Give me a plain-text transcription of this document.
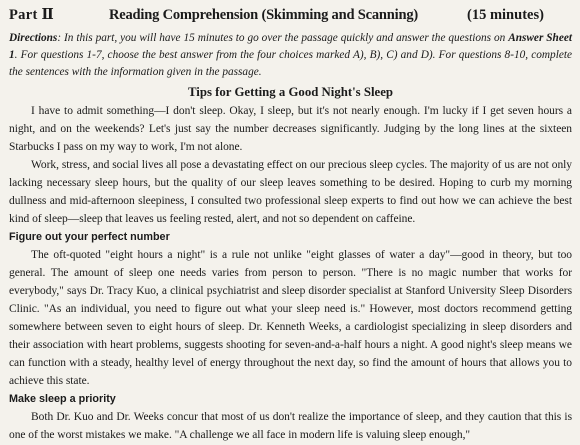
Part Ⅱ	Reading Comprehension (Skimming and Scanning)	(15 minutes)
Directions: In this part, you will have 15 minutes to go over the passage quickly and answer the questions on Answer Sheet 1. For questions 1-7, choose the best answer from the four choices marked A), B), C) and D). For questions 8-10, complete the sentences with the information given in the passage.
Tips for Getting a Good Night's Sleep

I have to admit something—I don't sleep. Okay, I sleep, but it's not nearly enough. I'm lucky if I get seven hours a night, and on the weekends? Let's just say the number decreases significantly. Judging by the long lines at the sixteen Starbucks I pass on my way to work, I'm not alone.

Work, stress, and social lives all pose a devastating effect on our precious sleep cycles. The majority of us are not only lacking necessary sleep hours, but the quality of our sleep leaves something to be desired. Hoping to curb my morning dullness and mid-afternoon sleepiness, I consulted two professional sleep experts to find out how we can achieve the best kind of sleep—sleep that leaves us feeling rested, alert, and not so dependent on caffeine.

Figure out your perfect number

The oft-quoted "eight hours a night" is a rule not unlike "eight glasses of water a day"—good in theory, but too general. The amount of sleep one needs varies from person to person. "There is no magic number that works for everybody," says Dr. Tracy Kuo, a clinical psychiatrist and sleep disorder specialist at Stanford University Sleep Disorders Clinic. "As an individual, you need to figure out what your sleep need is." However, most doctors recommend getting somewhere between seven to eight hours of sleep. Dr. Kenneth Weeks, a cardiologist specializing in sleep disorders and their association with heart problems, suggests shooting for seven-and-a-half hours a night. A good night's sleep means we can function with a steady, healthy level of energy throughout the next day, so find the amount of hours that allows you to achieve this state.

Make sleep a priority

Both Dr. Kuo and Dr. Weeks concur that most of us don't realize the importance of sleep, and they caution that this is one of the worst mistakes we make. "A challenge we all face in modern life is valuing sleep enough,"
